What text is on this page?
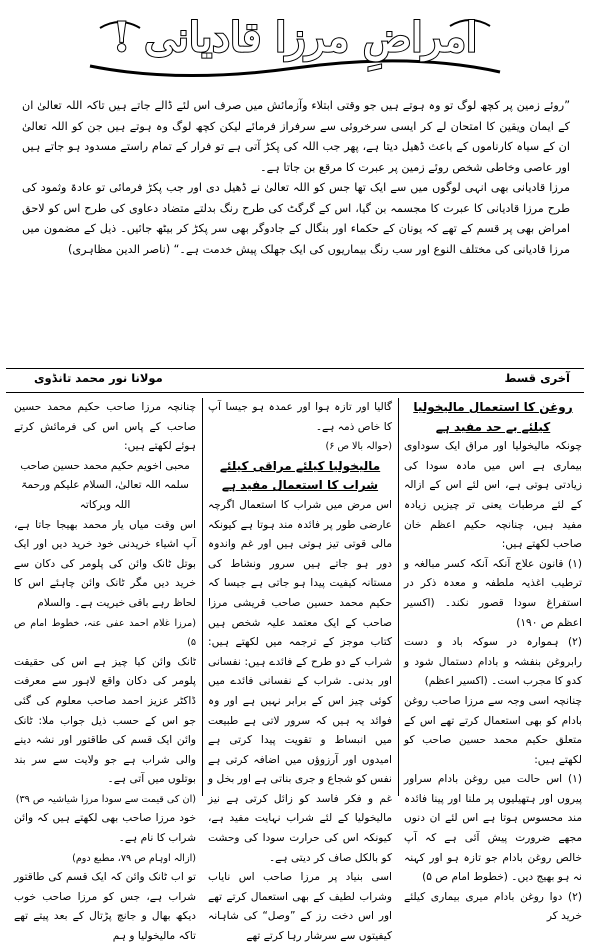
امراضِ مرزا قادیانی !

”روئے زمین پر کچھ لوگ تو وہ ہوتے ہیں جو وقتی ابتلاء وآزمائش میں صرف اس لئے ڈالے جاتے ہیں تاکہ اللہ تعالیٰ ان کے ایمان ویقین کا امتحان لے کر ایسی سرخروئی سے سرفراز فرمائے لیکن کچھ لوگ وہ ہوتے ہیں جن کو اللہ تعالیٰ ان کے سیاہ کارناموں کے باعث ڈھیل دیتا ہے، پھر جب اللہ کی پکڑ آتی ہے تو فرار کے تمام راستے مسدود ہو جاتے ہیں اور عاصی وخاطی شخص روئے زمین پر عبرت کا مرقع بن جاتا ہے۔

مرزا قادیانی بھی انہی لوگوں میں سے ایک تھا جس کو اللہ تعالیٰ نے ڈھیل دی اور جب پکڑ فرمائی تو عادۃ وثمود کی طرح مرزا قادیانی کا عبرت کا مجسمہ بن گیا، اس کے گرگٹ کی طرح رنگ بدلتے متضاد دعاوی کی طرح اس کو لاحق امراض بھی پر قسم کے تھے کہ یونان کے حکماء اور بنگال کے جادوگر بھی سر پکڑ کر بیٹھ جائیں۔ ذیل کے مضمون میں مرزا قادیانی کی مختلف النوع اور سب رنگ بیماریوں کی ایک جھلک پیش خدمت ہے۔“ (ناصر الدین مظاہری)

آخری قسط
مولانا نور محمد تانڈوی

روغن کا استعمال مالیخولیا کیلئے بے حد مفید ہے

چونکہ مالیخولیا اور مراق ایک سوداوی بیماری ہے اس میں مادہ سودا کی زیادتی ہوتی ہے، اس لئے اس کے ازالہ کے لئے مرطبات یعنی تر چیزیں زیادہ مفید ہیں، چنانچہ حکیم اعظم خان صاحب لکھتے ہیں:

(۱) قانون علاج آنکہ آنکہ کسر مبالغہ و ترطیب اغذیہ ملطفہ و معدہ ذکر در استفراغ سودا قصور نکند۔ (اکسیر اعظم ص ۱۹۰)

(۲) ہموارہ در سوکہ باد و دست رابروغن بنفشہ و بادام دستمال شود و کدو کا مجرب است۔ (اکسیر اعظم)

چنانچہ اسی وجہ سے مرزا صاحب روغن بادام کو بھی استعمال کرتے تھے اس کے متعلق حکیم محمد حسین صاحب کو لکھتے ہیں:

(۱) اس حالت میں روغن بادام سراور پیروں اور ہتھیلیوں پر ملنا اور پینا فائدہ مند محسوس ہوتا ہے اس لئے ان دنوں مجھے ضرورت پیش آئی ہے کہ آپ خالص روغن بادام جو تازہ ہو اور کہنہ نہ ہو بھیج دیں۔ (خطوط امام ص ۵)

(۲) دوا روغن بادام میری بیماری کیلئے خرید کر

گالیا اور تازہ ہوا اور عمدہ ہو جیسا آپ کا خاص ذمہ ہے۔

(حوالہ بالا ص ۶)

مالیخولیا کیلئے مراقی کیلئے شراب کا استعمال مفید ہے

اس مرض میں شراب کا استعمال اگرچہ عارضی طور پر فائدہ مند ہوتا ہے کیونکہ مالی قوتی تیز ہوتی ہیں اور غم واندوہ دور ہو جاتے ہیں سرور ونشاط کی مستانہ کیفیت پیدا ہو جاتی ہے جیسا کہ حکیم محمد حسین صاحب قریشی مرزا صاحب کے ایک معتمد علیہ شخص ہیں کتاب موجز کے ترجمہ میں لکھتے ہیں: شراب کے دو طرح کے فائدے ہیں: نفسانی اور بدنی۔ شراب کے نفسانی فائدے میں کوئی چیز اس کے برابر نہیں ہے اور وہ فوائد یہ ہیں کہ سرور لاتی ہے طبیعت میں انبساط و تقویت پیدا کرتی ہے امیدوں اور آرزوؤں میں اضافہ کرتی ہے نفس کو شجاع و جری بناتی ہے اور بخل و غم و فکر فاسد کو زائل کرتی ہے نیز مالیخولیا کے لئے شراب نہایت مفید ہے، کیونکہ اس کی حرارت سودا کی وحشت کو بالکل صاف کر دیتی ہے۔

اسی بنیاد پر مرزا صاحب اس نایاب وشراب لطیف کے بھی استعمال کرتے تھے اور اس دخت رز کے ”وصل“ کی شاہانہ کیفیتوں سے سرشار رہا کرتے تھے

چنانچہ مرزا صاحب حکیم محمد حسین صاحب کے پاس اس کی فرمائش کرتے ہوئے لکھتے ہیں:

محبی اخویم حکیم محمد حسین صاحب سلمہ اللہ تعالیٰ، السلام علیکم ورحمۃ اللہ وبرکاتہ

اس وقت میاں یار محمد بھیجا جاتا ہے، آپ اشیاء خریدنی خود خرید دیں اور ایک بوتل ٹانک وائن کی پلومر کی دکان سے خرید دیں مگر ٹانک وائن چاہئے اس کا لحاظ رہے باقی خیریت ہے۔ والسلام

(مرزا غلام احمد عفی عنہ، خطوط امام ص ۵)

ٹانک وائن کیا چیز ہے اس کی حقیقت پلومر کی دکان واقع لاہور سے معرفت ڈاکٹر عزیز احمد صاحب معلوم کی گئی جو اس کے حسب ذیل جواب ملا: ٹانک وائن ایک قسم کی طاقتور اور نشہ دینے والی شراب ہے جو ولایت سے سر بند بوتلوں میں آتی ہے۔

(ان کی قیمت سے سودا مرزا شیاشیہ ص ۳۹)

خود مرزا صاحب بھی لکھتے ہیں کہ وائن شراب کا نام ہے۔

(ازالہ اوہام ص ۷۹، مطبع دوم)

تو اب ٹانک وائن کہ ایک قسم کی طاقتور شراب ہے، جس کو مرزا صاحب خوب دیکھ بھال و جانچ پڑتال کے بعد پیتے تھے تاکہ مالیخولیا و ہم
